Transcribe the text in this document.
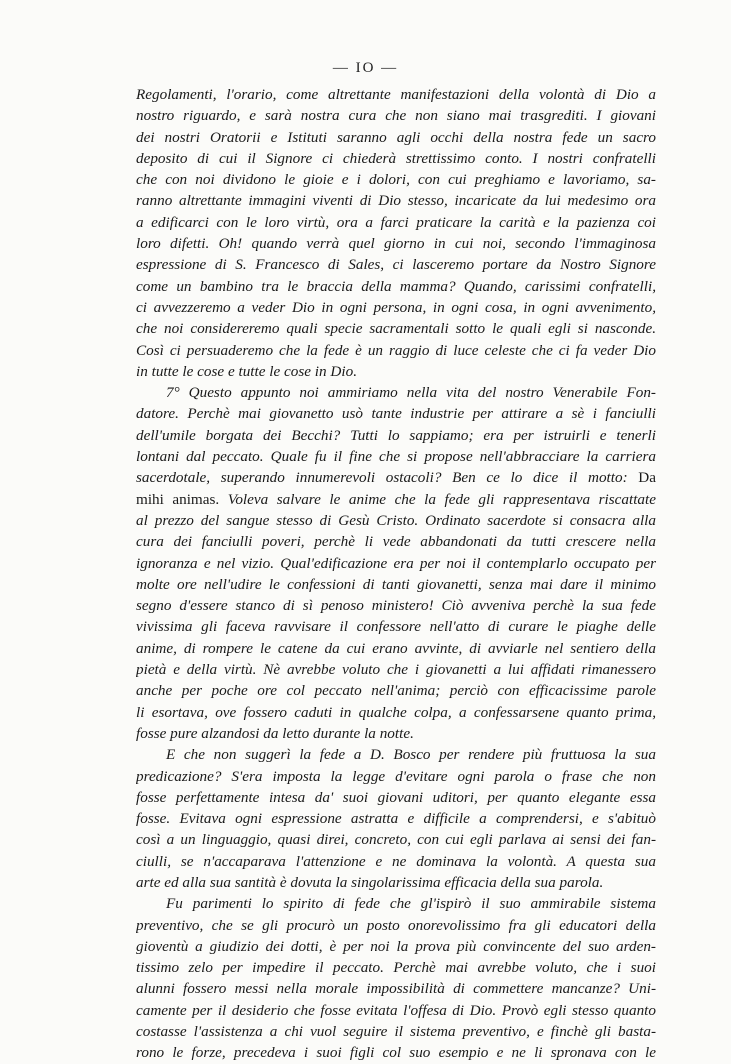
— IO —
Regolamenti, l'orario, come altrettante manifestazioni della volontà di Dio a
nostro riguardo, e sarà nostra cura che non siano mai trasgrediti. I giovani
dei nostri Oratorii e Istituti saranno agli occhi della nostra fede un sacro
deposito di cui il Signore ci chiederà strettissimo conto. I nostri confratelli
che con noi dividono le gioie e i dolori, con cui preghiamo e lavoriamo, sa-
ranno altrettante immagini viventi di Dio stesso, incaricate da lui medesimo ora
a edificarci con le loro virtù, ora a farci praticare la carità e la pazienza coi
loro difetti. Oh! quando verrà quel giorno in cui noi, secondo l'immaginosa
espressione di S. Francesco di Sales, ci lasceremo portare da Nostro Signore
come un bambino tra le braccia della mamma? Quando, carissimi confratelli,
ci avvezzeremo a veder Dio in ogni persona, in ogni cosa, in ogni avvenimento,
che noi considereremo quali specie sacramentali sotto le quali egli si nasconde.
Così ci persuaderemo che la fede è un raggio di luce celeste che ci fa veder Dio
in tutte le cose e tutte le cose in Dio.
7° Questo appunto noi ammiriamo nella vita del nostro Venerabile Fon-
datore. Perchè mai giovanetto usò tante industrie per attirare a sè i fanciulli
dell'umile borgata dei Becchi? Tutti lo sappiamo; era per istruirli e tenerli
lontani dal peccato. Quale fu il fine che si propose nell'abbracciare la carriera
sacerdotale, superando innumerevoli ostacoli? Ben ce lo dice il motto: Da
mihi animas. Voleva salvare le anime che la fede gli rappresentava riscattate
al prezzo del sangue stesso di Gesù Cristo. Ordinato sacerdote si consacra alla
cura dei fanciulli poveri, perchè li vede abbandonati da tutti crescere nella
ignoranza e nel vizio. Qual'edificazione era per noi il contemplarlo occupato per
molte ore nell'udire le confessioni di tanti giovanetti, senza mai dare il minimo
segno d'essere stanco di sì penoso ministero! Ciò avveniva perchè la sua fede
vivissima gli faceva ravvisare il confessore nell'atto di curare le piaghe delle
anime, di rompere le catene da cui erano avvinte, di avviarle nel sentiero della
pietà e della virtù. Nè avrebbe voluto che i giovanetti a lui affidati rimanessero
anche per poche ore col peccato nell'anima; perciò con efficacissime parole
li esortava, ove fossero caduti in qualche colpa, a confessarsene quanto prima,
fosse pure alzandosi da letto durante la notte.
E che non suggerì la fede a D. Bosco per rendere più fruttuosa la sua
predicazione? S'era imposta la legge d'evitare ogni parola o frase che non
fosse perfettamente intesa da' suoi giovani uditori, per quanto elegante essa
fosse. Evitava ogni espressione astratta e difficile a comprendersi, e s'abituò
così a un linguaggio, quasi direi, concreto, con cui egli parlava ai sensi dei fan-
ciulli, se n'accaparava l'attenzione e ne dominava la volontà. A questa sua
arte ed alla sua santità è dovuta la singolarissima efficacia della sua parola.
Fu parimenti lo spirito di fede che gl'ispirò il suo ammirabile sistema
preventivo, che se gli procurò un posto onorevolissimo fra gli educatori della
gioventù a giudizio dei dotti, è per noi la prova più convincente del suo arden-
tissimo zelo per impedire il peccato. Perchè mai avrebbe voluto, che i suoi
alunni fossero messi nella morale impossibilità di commettere mancanze? Uni-
camente per il desiderio che fosse evitata l'offesa di Dio. Provò egli stesso quanto
costasse l'assistenza a chi vuol seguire il sistema preventivo, e finchè gli basta-
rono le forze, precedeva i suoi figli col suo esempio e ne li spronava con le
